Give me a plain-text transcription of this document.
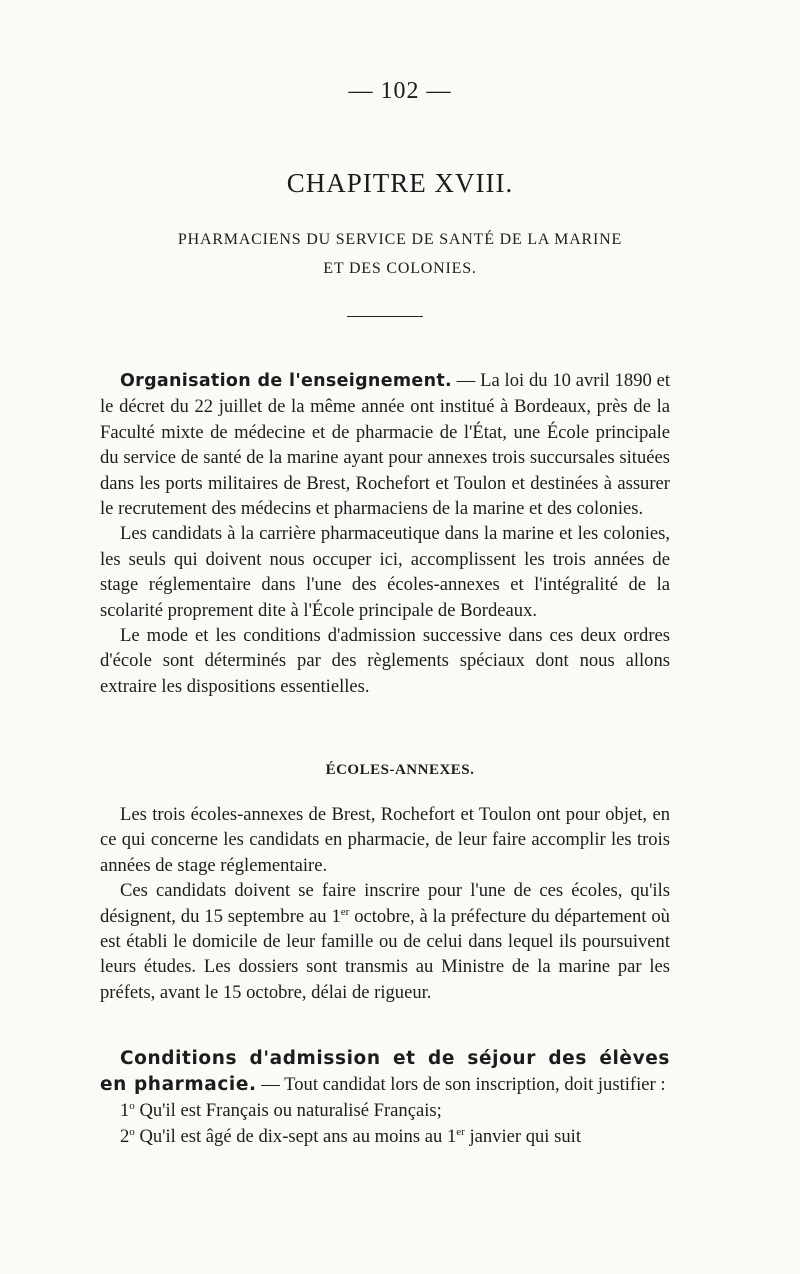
— 102 —
CHAPITRE XVIII.
PHARMACIENS DU SERVICE DE SANTÉ DE LA MARINE
ET DES COLONIES.

Organisation de l'enseignement. — La loi du 10 avril 1890 et le décret du 22 juillet de la même année ont institué à Bordeaux, près de la Faculté mixte de médecine et de pharmacie de l'État, une École principale du service de santé de la marine ayant pour annexes trois succursales situées dans les ports militaires de Brest, Rochefort et Toulon et destinées à assurer le recrutement des médecins et pharmaciens de la marine et des colonies.

Les candidats à la carrière pharmaceutique dans la marine et les colonies, les seuls qui doivent nous occuper ici, accomplissent les trois années de stage réglementaire dans l'une des écoles-annexes et l'intégralité de la scolarité proprement dite à l'École principale de Bordeaux.

Le mode et les conditions d'admission successive dans ces deux ordres d'école sont déterminés par des règlements spéciaux dont nous allons extraire les dispositions essentielles.

ÉCOLES-ANNEXES.

Les trois écoles-annexes de Brest, Rochefort et Toulon ont pour objet, en ce qui concerne les candidats en pharmacie, de leur faire accomplir les trois années de stage réglementaire.

Ces candidats doivent se faire inscrire pour l'une de ces écoles, qu'ils désignent, du 15 septembre au 1er octobre, à la préfecture du département où est établi le domicile de leur famille ou de celui dans lequel ils poursuivent leurs études. Les dossiers sont transmis au Ministre de la marine par les préfets, avant le 15 octobre, délai de rigueur.

Conditions d'admission et de séjour des élèves en pharmacie. — Tout candidat lors de son inscription, doit justifier :

1$^o$ Qu'il est Français ou naturalisé Français;

2$^o$ Qu'il est âgé de dix-sept ans au moins au 1er janvier qui suit
